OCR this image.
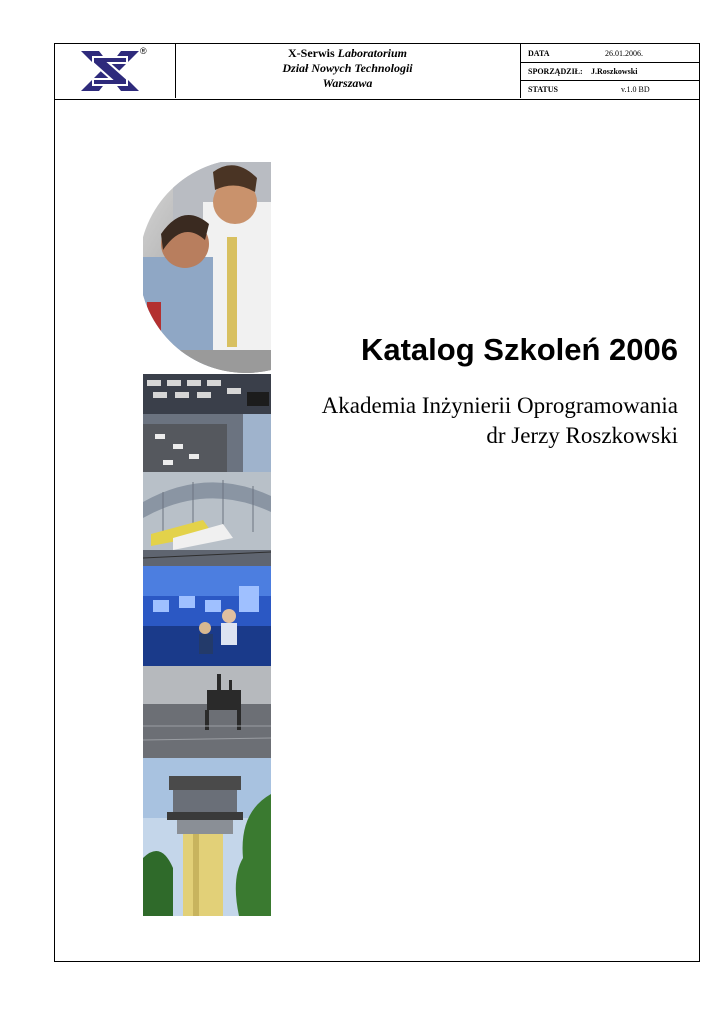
®	X-Serwis Laboratorium
Dział Nowych Technologii
Warszawa
DATA	26.01.2006.
SPORZĄDZIŁ: J.Roszkowski
STATUS	v.1.0 BD
Katalog Szkoleń 2006
Akademia Inżynierii Oprogramowania
dr Jerzy Roszkowski
